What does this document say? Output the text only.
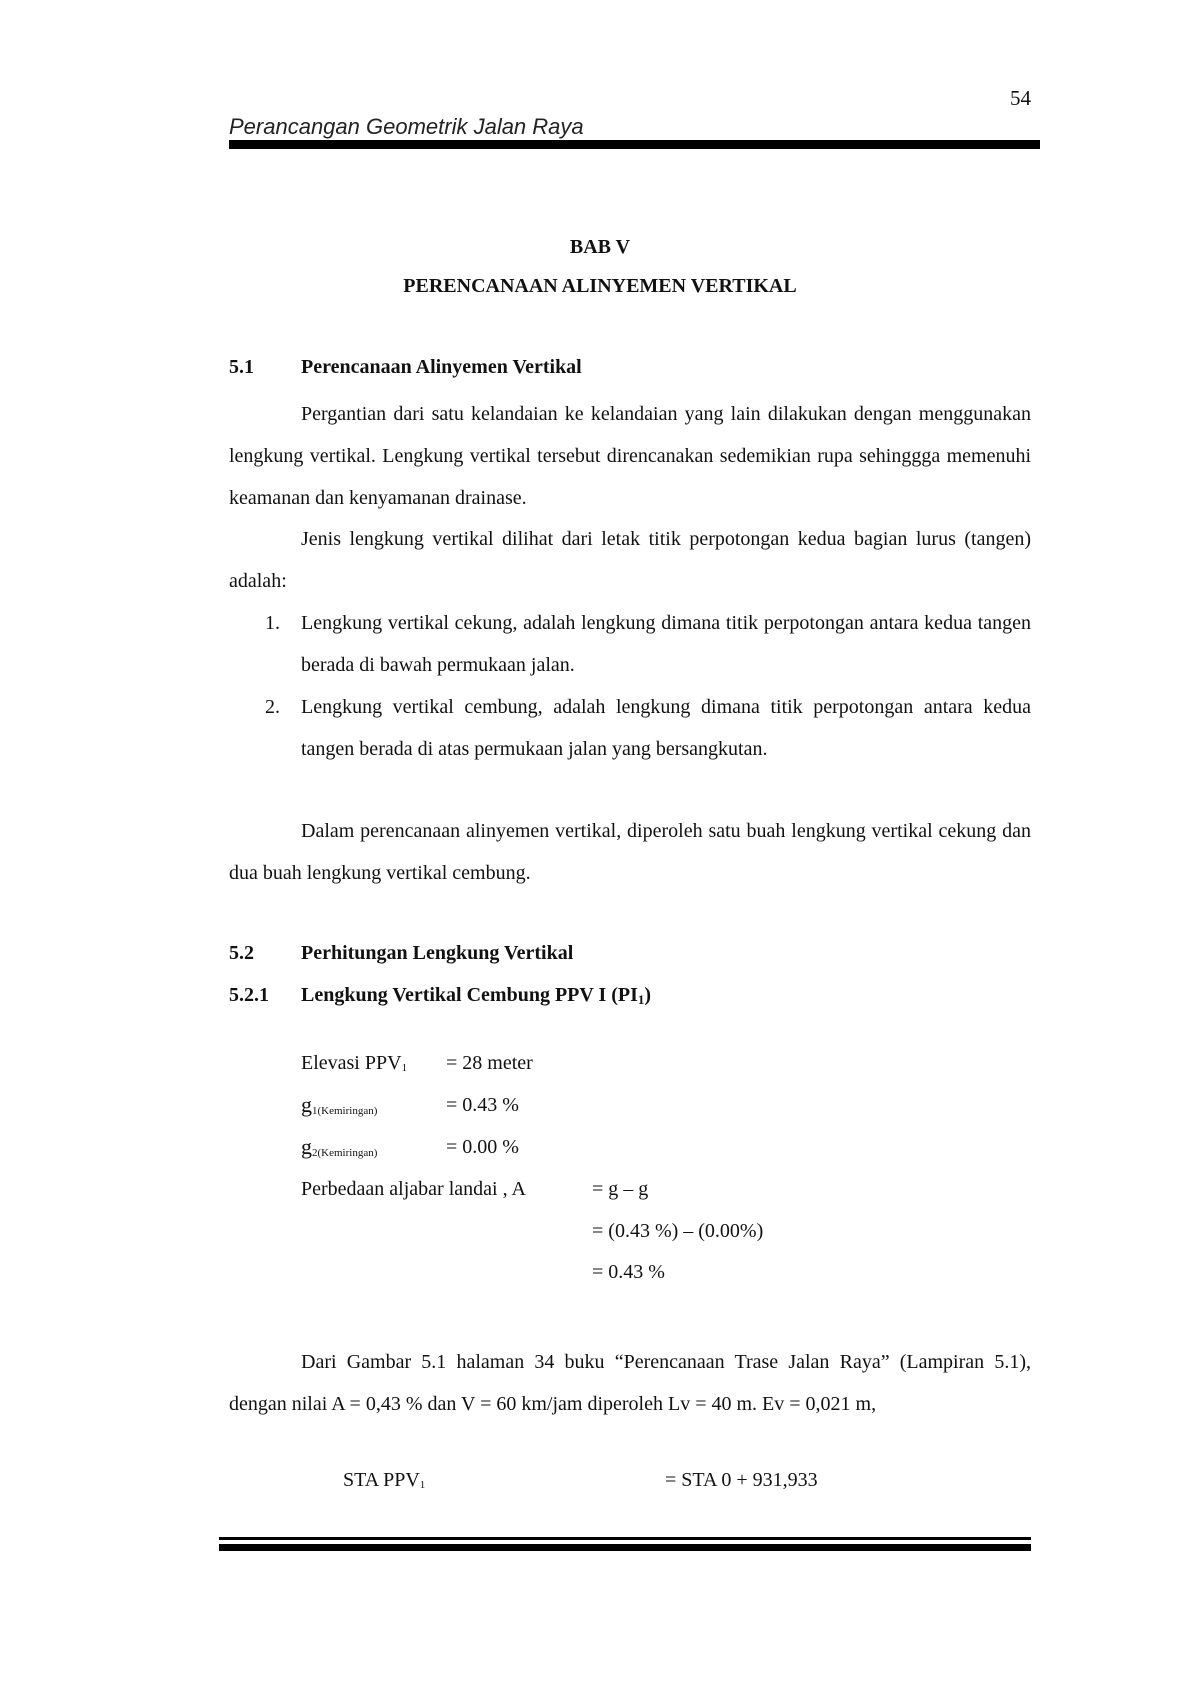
54
Perancangan Geometrik Jalan Raya
BAB V
PERENCANAAN ALINYEMEN VERTIKAL
5.1 Perencanaan Alinyemen Vertikal

Pergantian dari satu kelandaian ke kelandaian yang lain dilakukan dengan menggunakan lengkung vertikal. Lengkung vertikal tersebut direncanakan sedemikian rupa sehinggga memenuhi keamanan dan kenyamanan drainase.

Jenis lengkung vertikal dilihat dari letak titik perpotongan kedua bagian lurus (tangen) adalah:

1. Lengkung vertikal cekung, adalah lengkung dimana titik perpotongan antara kedua tangen berada di bawah permukaan jalan.
2. Lengkung vertikal cembung, adalah lengkung dimana titik perpotongan antara kedua tangen berada di atas permukaan jalan yang bersangkutan.

Dalam perencanaan alinyemen vertikal, diperoleh satu buah lengkung vertikal cekung dan dua buah lengkung vertikal cembung.

5.2 Perhitungan Lengkung Vertikal
5.2.1 Lengkung Vertikal Cembung PPV I $(PI_1)$
Elevasi PPV1 = 28 meter
g1(Kemiringan)	= 0.43 %
g2(Kemiringan)	= 0.00 %
Perbedaan aljabar landai , A	= g – g
= (0.43 %) – (0.00%)
= 0.43 %

Dari Gambar 5.1 halaman 34 buku “Perencanaan Trase Jalan Raya” (Lampiran 5.1), dengan nilai A = 0,43 % dan V = 60 km/jam diperoleh Lv = 40 m. Ev = 0,021 m,

STA PPV1	= STA 0 + 931,933
